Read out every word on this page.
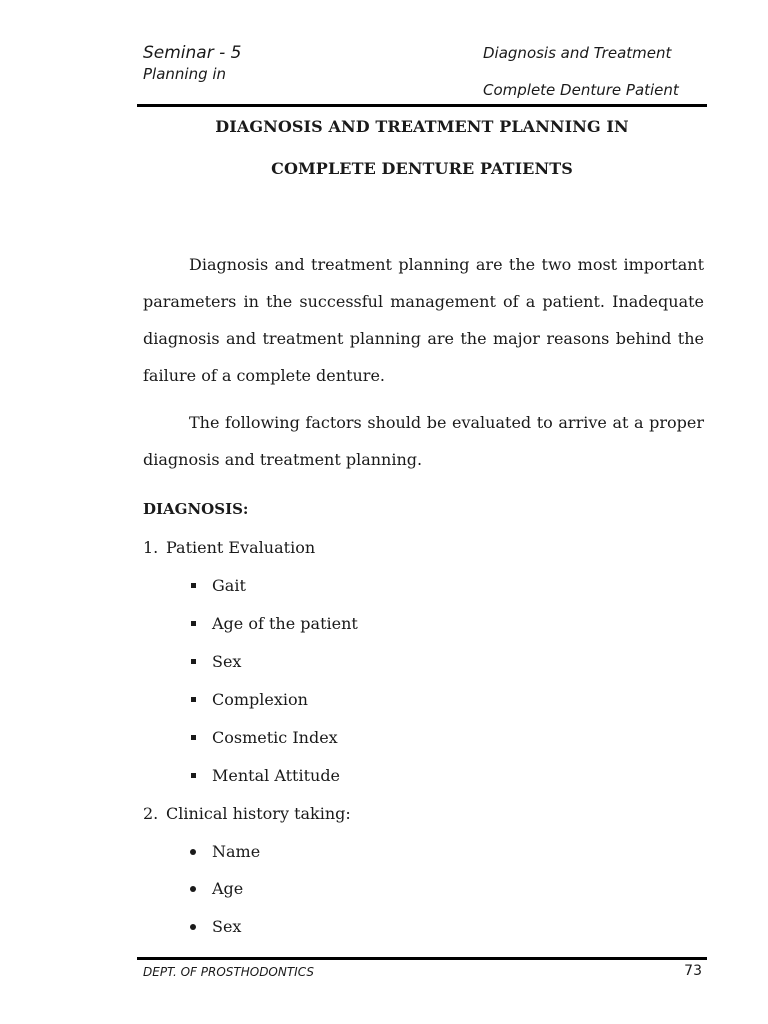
Seminar - 5
Planning in
Diagnosis and Treatment
Complete Denture Patient
DIAGNOSIS AND TREATMENT PLANNING IN
COMPLETE DENTURE PATIENTS

Diagnosis and treatment planning are the two most important parameters in the successful management of a patient. Inadequate diagnosis and treatment planning are the major reasons behind the failure of a complete denture.

The following factors should be evaluated to arrive at a proper diagnosis and treatment planning.

DIAGNOSIS:
1. Patient Evaluation
Gait
Age of the patient
Sex
Complexion
Cosmetic Index
Mental Attitude
2. Clinical history taking:
Name
Age
Sex
DEPT. OF PROSTHODONTICS	73
